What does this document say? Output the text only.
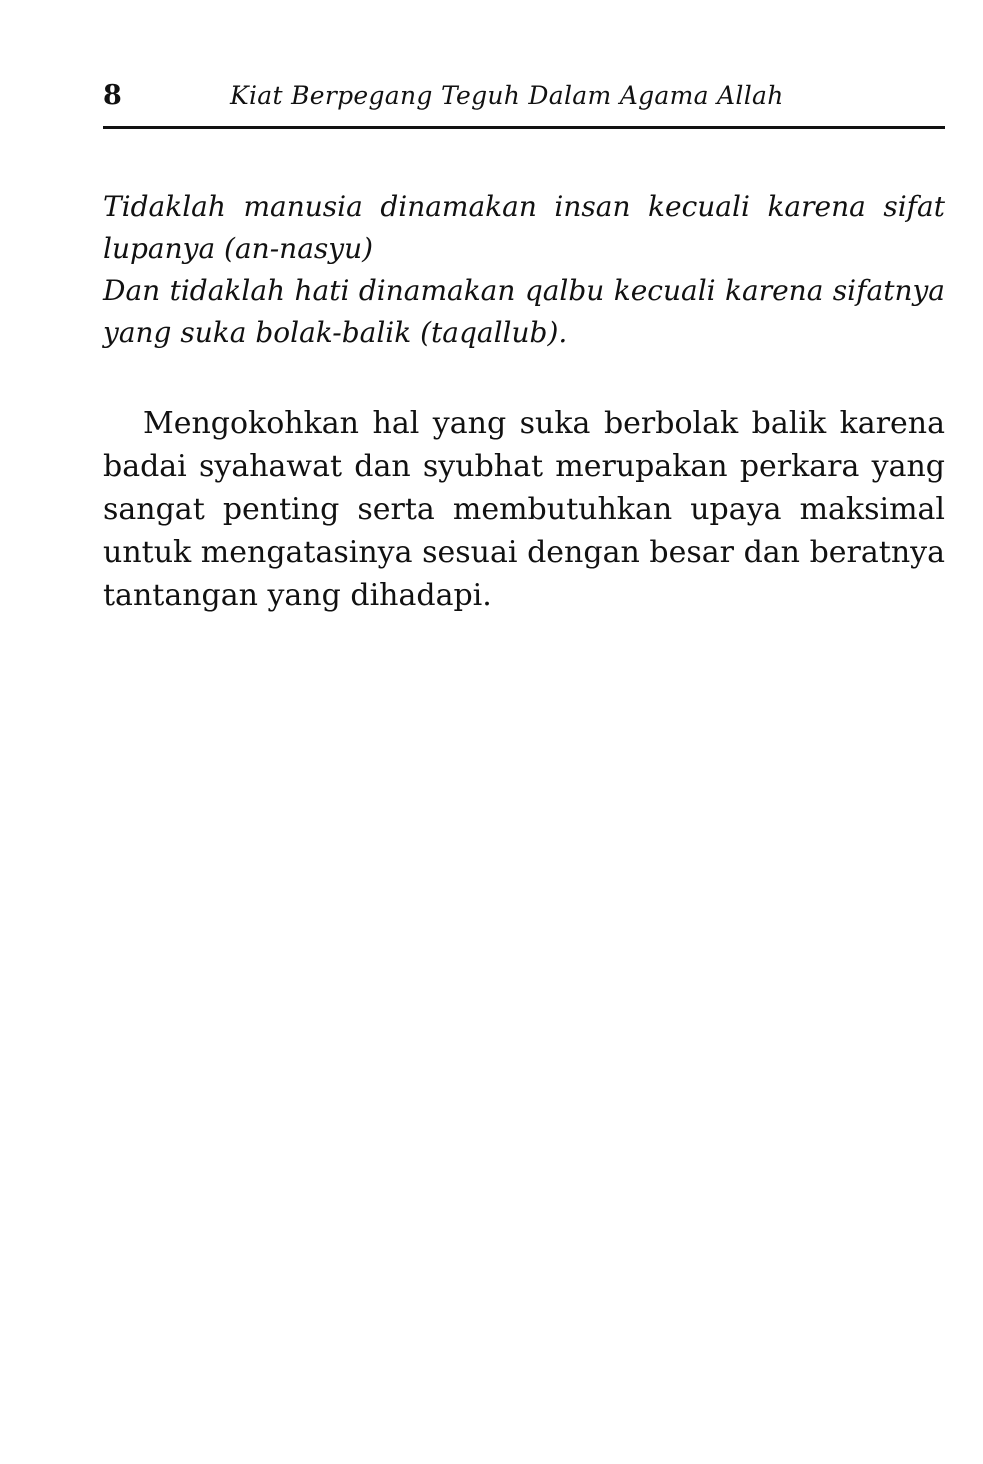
8	Kiat Berpegang Teguh Dalam Agama Allah

Tidaklah manusia dinamakan insan kecuali karena sifat lupanya (an-nasyu)

Dan tidaklah hati dinamakan qalbu kecuali karena sifatnya yang suka bolak-balik (taqallub).

Mengokohkan hal yang suka berbolak balik karena badai syahawat dan syubhat merupakan perkara yang sangat penting serta membutuhkan upaya maksimal untuk mengatasinya sesuai dengan besar dan beratnya tantangan yang dihadapi.
